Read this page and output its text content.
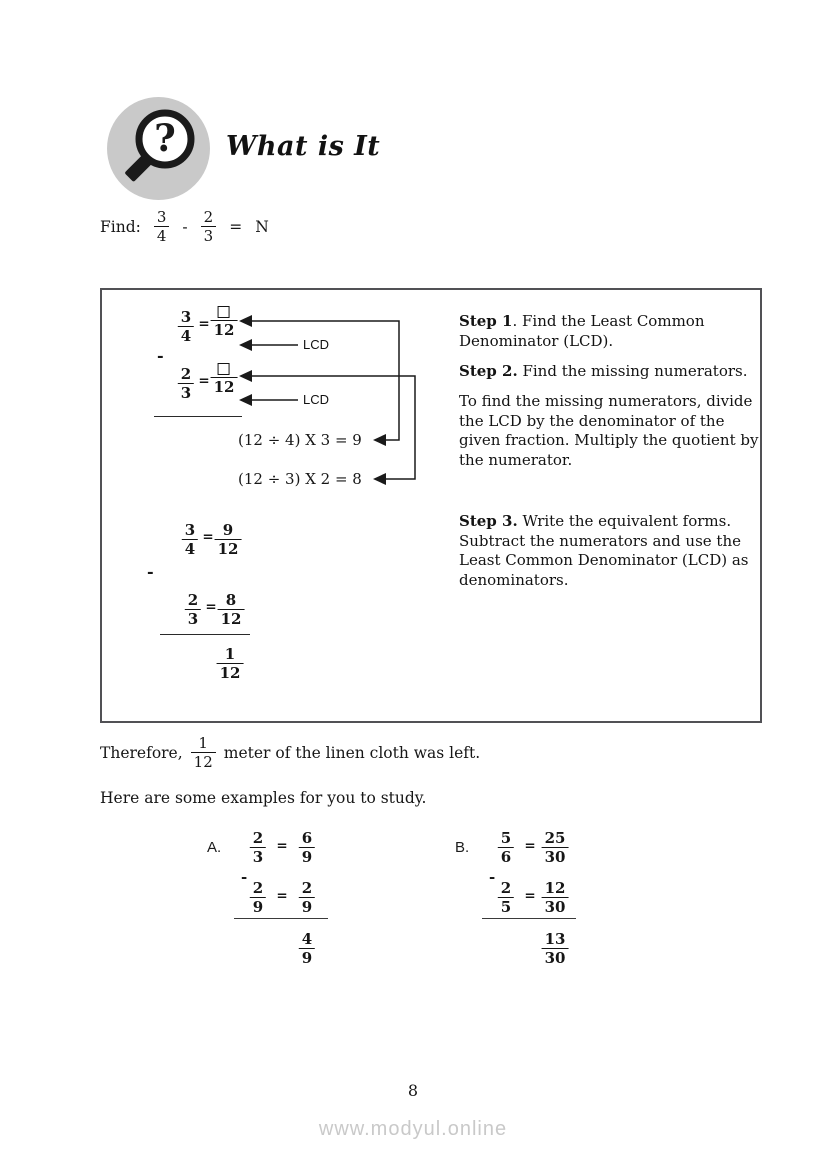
? What is It
Find: $\frac{3}{4} - \frac{2}{3} = N$
$\frac{3}{4} = 12$
LCD
-
$\frac{2}{3} = 12$
LCD
(12 ÷ 4) X 3 = 9
(12 ÷ 3) X 2 = 8
$\frac{3}{4} = \frac{9}{12}$
-
$\frac{2}{3} = \frac{8}{12}$
$\frac{1}{12}$

Step 1. Find the Least Common Denominator (LCD).

Step 2. Find the missing numerators.

To find the missing numerators, divide the LCD by the denominator of the given fraction. Multiply the quotient by the numerator.

Step 3. Write the equivalent forms. Subtract the numerators and use the Least Common Denominator (LCD) as denominators.

Therefore, $\frac{1}{12}$ meter of the linen cloth was left.
Here are some examples for you to study.
A. $\frac{2}{3} = \frac{6}{9}$
-
$\frac{2}{9} = \frac{2}{9}$
$\frac{4}{9}$
B. $\frac{5}{6} = \frac{25}{30}$
-
$\frac{2}{5} = \frac{12}{30}$
$\frac{13}{30}$
8
www.modyul.online
